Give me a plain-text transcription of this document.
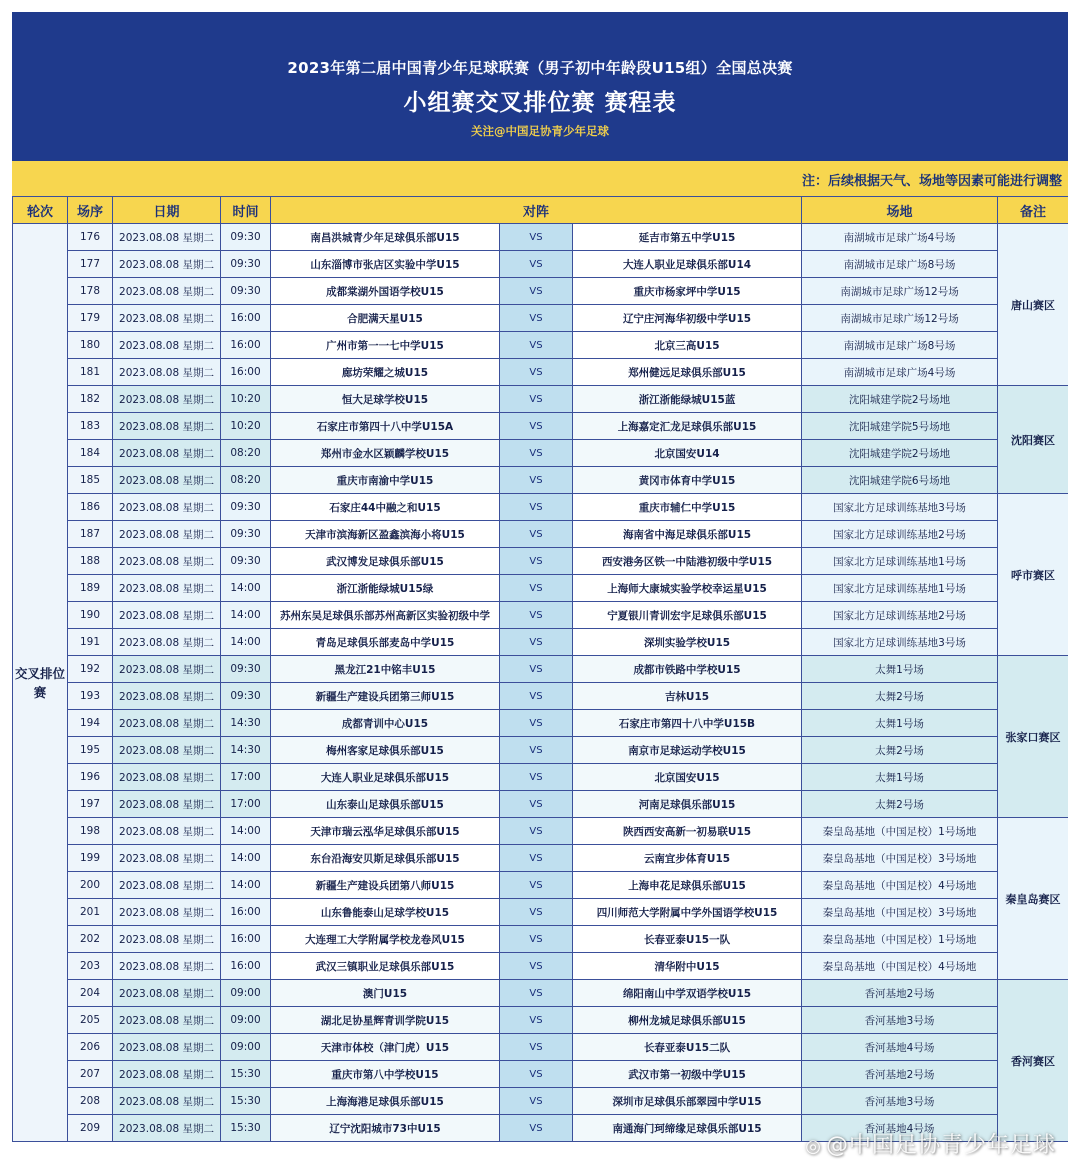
2023年第二届中国青少年足球联赛（男子初中年龄段U15组）全国总决赛
小组赛交叉排位赛 赛程表
关注@中国足协青少年足球
注：后续根据天气、场地等因素可能进行调整
轮次	场序	日期	时间	对阵			场地	备注
交叉排位赛	176	2023.08.08 星期二	09:30	南昌洪城青少年足球俱乐部U15	VS	延吉市第五中学U15	南湖城市足球广场4号场	唐山赛区
	177	2023.08.08 星期二	09:30	山东淄博市张店区实验中学U15	VS	大连人职业足球俱乐部U14	南湖城市足球广场8号场	
	178	2023.08.08 星期二	09:30	成都棠湖外国语学校U15	VS	重庆市杨家坪中学U15	南湖城市足球广场12号场	
	179	2023.08.08 星期二	16:00	合肥满天星U15	VS	辽宁庄河海华初级中学U15	南湖城市足球广场12号场	
	180	2023.08.08 星期二	16:00	广州市第一一七中学U15	VS	北京三高U15	南湖城市足球广场8号场	
	181	2023.08.08 星期二	16:00	廊坊荣耀之城U15	VS	郑州健远足球俱乐部U15	南湖城市足球广场4号场	
	182	2023.08.08 星期二	10:20	恒大足球学校U15	VS	浙江浙能绿城U15蓝	沈阳城建学院2号场地	沈阳赛区
	183	2023.08.08 星期二	10:20	石家庄市第四十八中学U15A	VS	上海嘉定汇龙足球俱乐部U15	沈阳城建学院5号场地	
	184	2023.08.08 星期二	08:20	郑州市金水区颖麟学校U15	VS	北京国安U14	沈阳城建学院2号场地	
	185	2023.08.08 星期二	08:20	重庆市南渝中学U15	VS	黄冈市体育中学U15	沈阳城建学院6号场地	
	186	2023.08.08 星期二	09:30	石家庄44中融之和U15	VS	重庆市辅仁中学U15	国家北方足球训练基地3号场	呼市赛区
	187	2023.08.08 星期二	09:30	天津市滨海新区盈鑫滨海小将U15	VS	海南省中海足球俱乐部U15	国家北方足球训练基地2号场	
	188	2023.08.08 星期二	09:30	武汉博发足球俱乐部U15	VS	西安港务区铁一中陆港初级中学U15	国家北方足球训练基地1号场	
	189	2023.08.08 星期二	14:00	浙江浙能绿城U15绿	VS	上海师大康城实验学校幸运星U15	国家北方足球训练基地1号场	
	190	2023.08.08 星期二	14:00	苏州东吴足球俱乐部苏州高新区实验初级中学	VS	宁夏银川青训宏宇足球俱乐部U15	国家北方足球训练基地2号场	
	191	2023.08.08 星期二	14:00	青岛足球俱乐部麦岛中学U15	VS	深圳实验学校U15	国家北方足球训练基地3号场	
	192	2023.08.08 星期二	09:30	黑龙江21中铭丰U15	VS	成都市铁路中学校U15	太舞1号场	张家口赛区
	193	2023.08.08 星期二	09:30	新疆生产建设兵团第三师U15	VS	吉林U15	太舞2号场	
	194	2023.08.08 星期二	14:30	成都青训中心U15	VS	石家庄市第四十八中学U15B	太舞1号场	
	195	2023.08.08 星期二	14:30	梅州客家足球俱乐部U15	VS	南京市足球运动学校U15	太舞2号场	
	196	2023.08.08 星期二	17:00	大连人职业足球俱乐部U15	VS	北京国安U15	太舞1号场	
	197	2023.08.08 星期二	17:00	山东泰山足球俱乐部U15	VS	河南足球俱乐部U15	太舞2号场	
	198	2023.08.08 星期二	14:00	天津市瑞云泓华足球俱乐部U15	VS	陕西西安高新一初易联U15	秦皇岛基地（中国足校）1号场地	秦皇岛赛区
	199	2023.08.08 星期二	14:00	东台沿海安贝斯足球俱乐部U15	VS	云南宜步体育U15	秦皇岛基地（中国足校）3号场地	
	200	2023.08.08 星期二	14:00	新疆生产建设兵团第八师U15	VS	上海申花足球俱乐部U15	秦皇岛基地（中国足校）4号场地	
	201	2023.08.08 星期二	16:00	山东鲁能泰山足球学校U15	VS	四川师范大学附属中学外国语学校U15	秦皇岛基地（中国足校）3号场地	
	202	2023.08.08 星期二	16:00	大连理工大学附属学校龙卷风U15	VS	长春亚泰U15一队	秦皇岛基地（中国足校）1号场地	
	203	2023.08.08 星期二	16:00	武汉三镇职业足球俱乐部U15	VS	清华附中U15	秦皇岛基地（中国足校）4号场地	
	204	2023.08.08 星期二	09:00	澳门U15	VS	绵阳南山中学双语学校U15	香河基地2号场	香河赛区
	205	2023.08.08 星期二	09:00	湖北足协星辉青训学院U15	VS	柳州龙城足球俱乐部U15	香河基地3号场	
	206	2023.08.08 星期二	09:00	天津市体校（津门虎）U15	VS	长春亚泰U15二队	香河基地4号场	
	207	2023.08.08 星期二	15:30	重庆市第八中学校U15	VS	武汉市第一初级中学U15	香河基地2号场	
	208	2023.08.08 星期二	15:30	上海海港足球俱乐部U15	VS	深圳市足球俱乐部翠园中学U15	香河基地3号场	
	209	2023.08.08 星期二	15:30	辽宁沈阳城市73中U15	VS	南通海门珂缔缘足球俱乐部U15	香河基地4号场	
◎ @中国足协青少年足球
